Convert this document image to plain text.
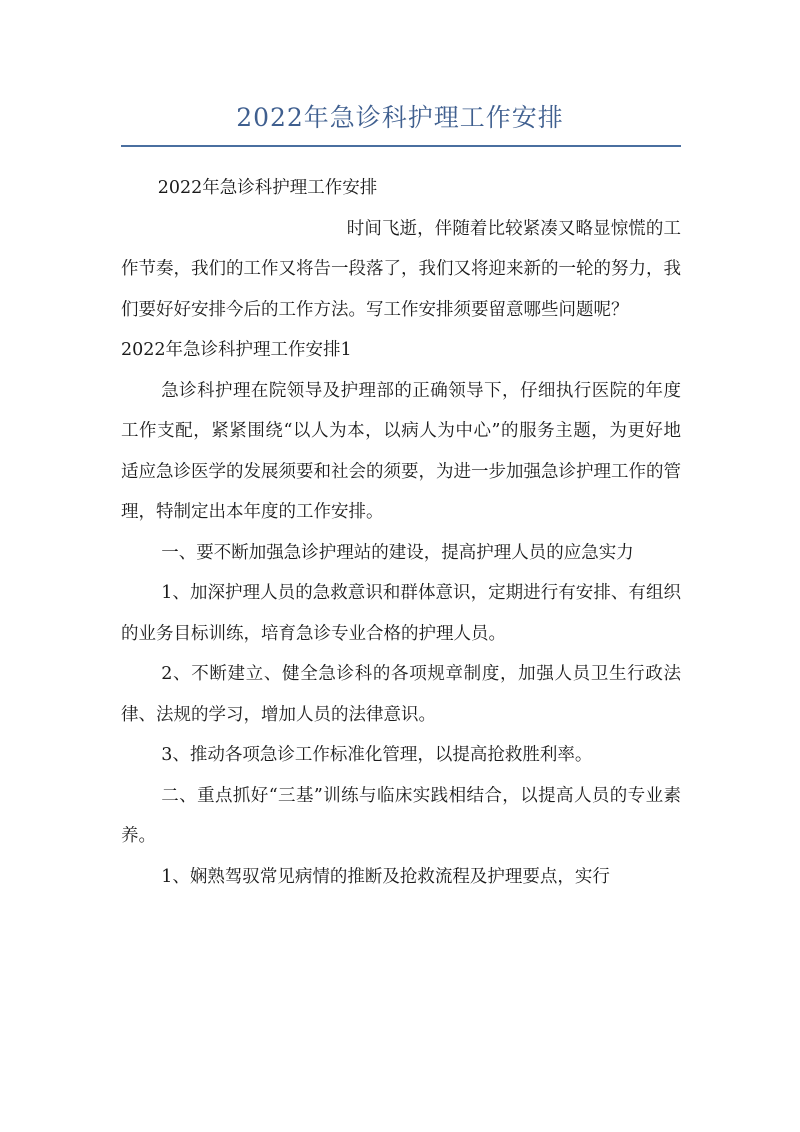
2022年急诊科护理工作安排

2022年急诊科护理工作安排

时间飞逝，伴随着比较紧凑又略显惊慌的工作节奏，我们的工作又将告一段落了，我们又将迎来新的一轮的努力，我们要好好安排今后的工作方法。写工作安排须要留意哪些问题呢？

2022年急诊科护理工作安排1

急诊科护理在院领导及护理部的正确领导下，仔细执行医院的年度工作支配，紧紧围绕“以人为本，以病人为中心”的服务主题，为更好地适应急诊医学的发展须要和社会的须要，为进一步加强急诊护理工作的管理，特制定出本年度的工作安排。

一、要不断加强急诊护理站的建设，提高护理人员的应急实力

1、加深护理人员的急救意识和群体意识，定期进行有安排、有组织的业务目标训练，培育急诊专业合格的护理人员。

2、不断建立、健全急诊科的各项规章制度，加强人员卫生行政法律、法规的学习，增加人员的法律意识。

3、推动各项急诊工作标准化管理，以提高抢救胜利率。

二、重点抓好“三基”训练与临床实践相结合，以提高人员的专业素养。

1、娴熟驾驭常见病情的推断及抢救流程及护理要点，实行
